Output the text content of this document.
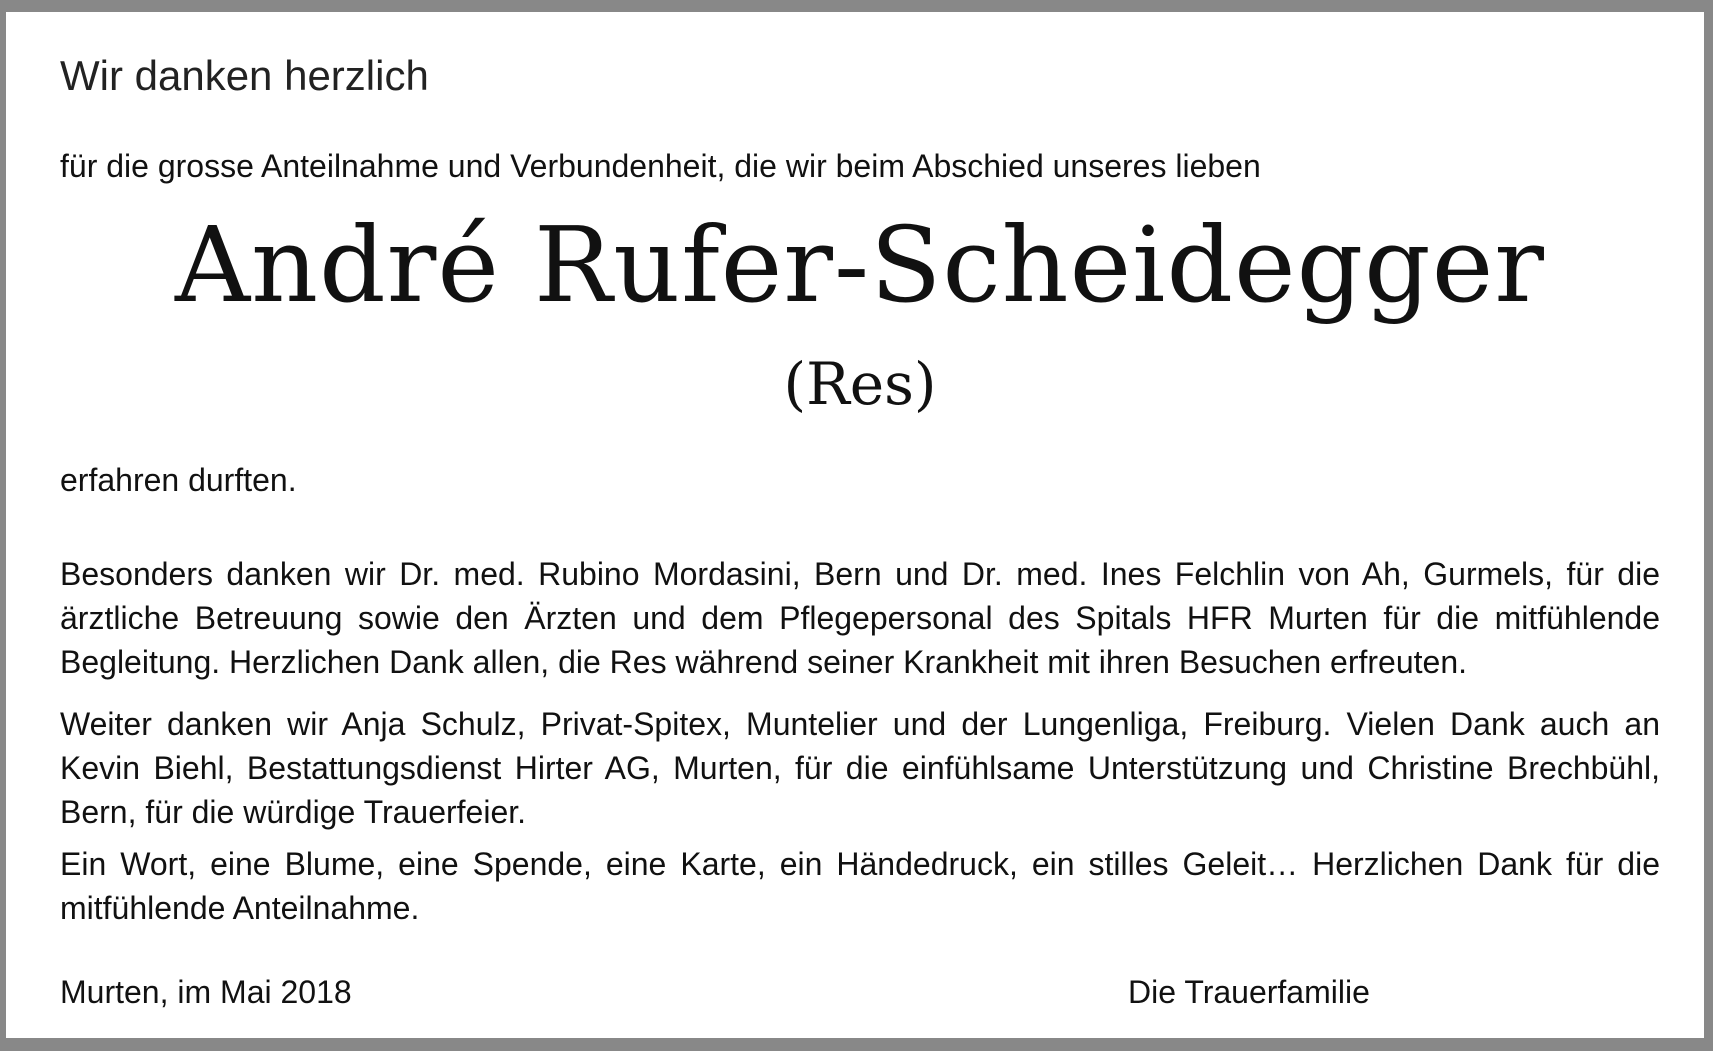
Wir danken herzlich
für die grosse Anteilnahme und Verbundenheit, die wir beim Abschied unseres lieben
André Rufer-Scheidegger
(Res)
erfahren durften.
Besonders danken wir Dr. med. Rubino Mordasini, Bern und Dr. med. Ines Felchlin von Ah, Gurmels, für die ärztliche Betreuung sowie den Ärzten und dem Pflegepersonal des Spitals HFR Murten für die mitfühlende Begleitung. Herzlichen Dank allen, die Res während seiner Krankheit mit ihren Besuchen erfreuten.
Weiter danken wir Anja Schulz, Privat-Spitex, Muntelier und der Lungenliga, Freiburg. Vielen Dank auch an Kevin Biehl, Bestattungsdienst Hirter AG, Murten, für die einfühlsame Unterstützung und Christine Brechbühl, Bern, für die würdige Trauerfeier.
Ein Wort, eine Blume, eine Spende, eine Karte, ein Händedruck, ein stilles Geleit… Herzlichen Dank für die mitfühlende Anteilnahme.
Murten, im Mai 2018	Die Trauerfamilie
